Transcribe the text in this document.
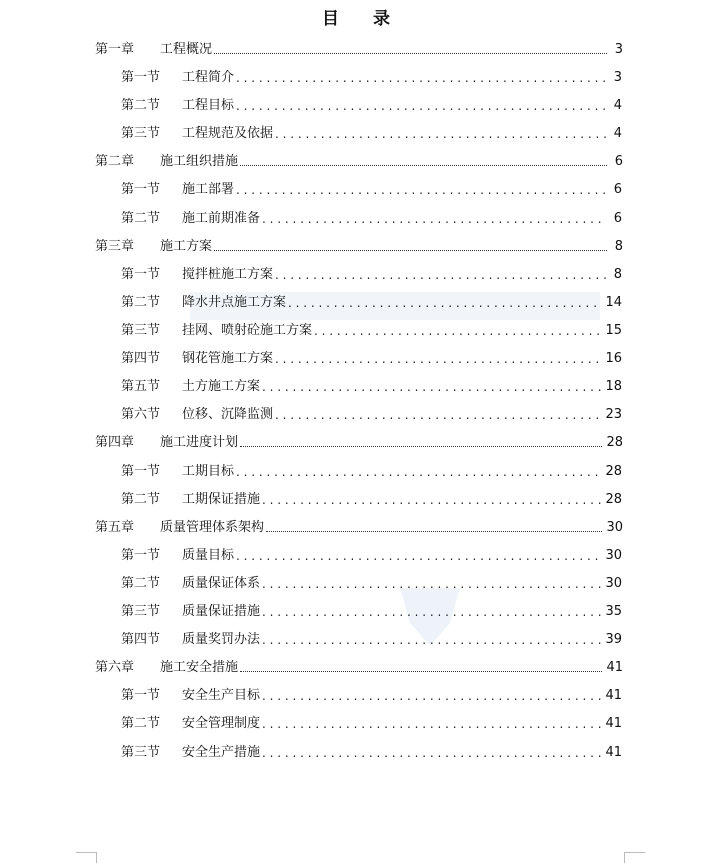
目 录
第一章 工程概况	3
第一节 工程简介 . . .	3
第二节 工程目标 . . .	4
第三节 工程规范及依据 . . .	4
第二章 施工组织措施	6
第一节 施工部署 . . .	6
第二节 施工前期准备 . . .	6
第三章 施工方案	8
第一节 搅拌桩施工方案 . . .	8
第二节 降水井点施工方案 . . .	14
第三节 挂网、喷射砼施工方案 . . .	15
第四节 钢花管施工方案 . . .	16
第五节 土方施工方案 . . .	18
第六节 位移、沉降监测 . . .	23
第四章 施工进度计划	28
第一节 工期目标 . . .	28
第二节 工期保证措施 . . .	28
第五章 质量管理体系架构	30
第一节 质量目标 . . .	30
第二节 质量保证体系 . . .	30
第三节 质量保证措施 . . .	35
第四节 质量奖罚办法 . . .	39
第六章 施工安全措施	41
第一节 安全生产目标 . . .	41
第二节 安全管理制度 . . .	41
第三节 安全生产措施 . . .	41
